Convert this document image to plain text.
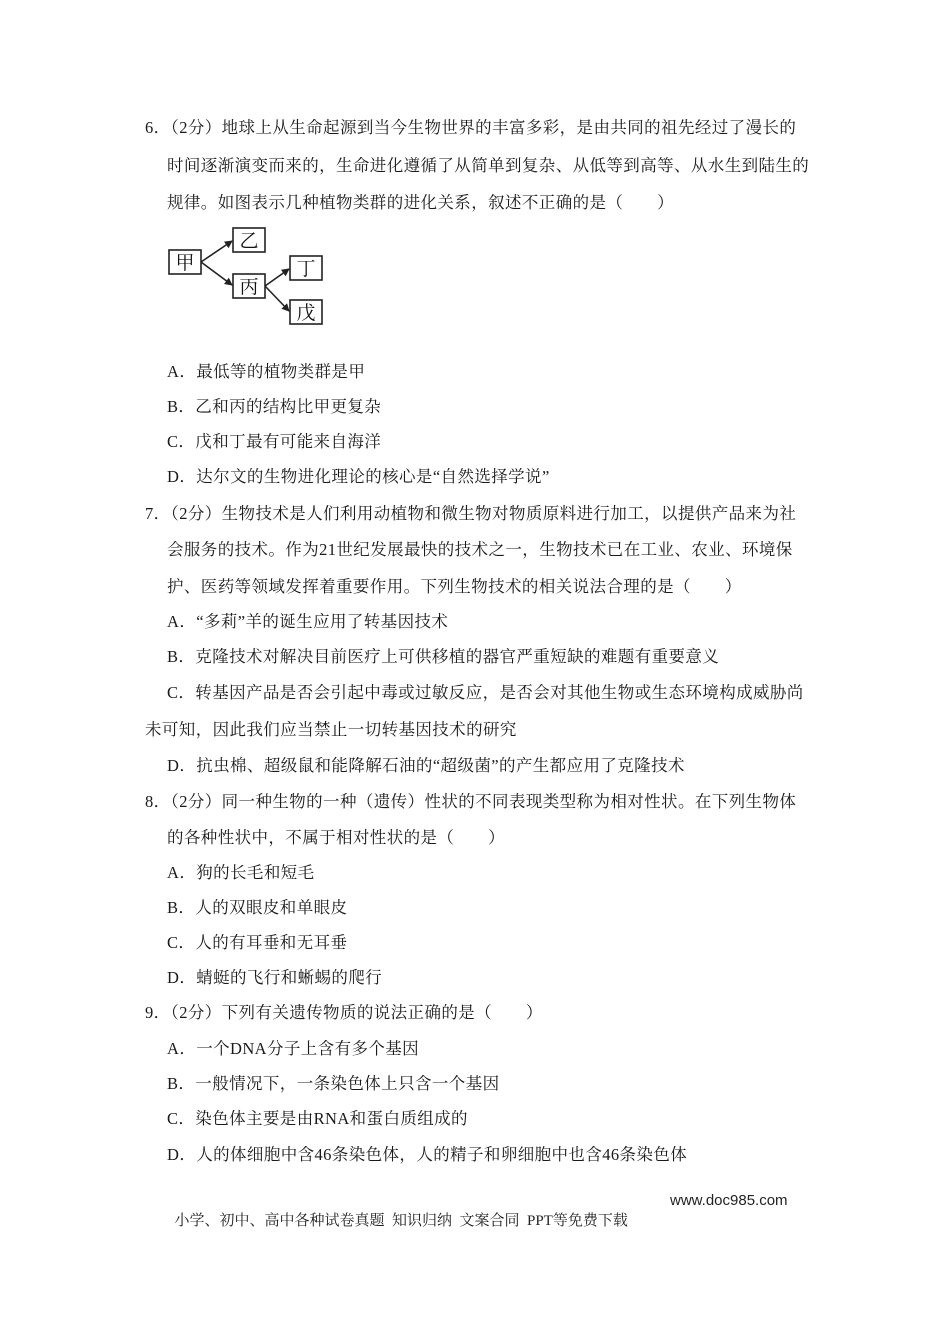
6．（2分）地球上从生命起源到当今生物世界的丰富多彩，是由共同的祖先经过了漫长的
时间逐渐演变而来的，生命进化遵循了从简单到复杂、从低等到高等、从水生到陆生的
规律。如图表示几种植物类群的进化关系，叙述不正确的是（　　）
甲
乙
丙
丁
戊
A．最低等的植物类群是甲
B．乙和丙的结构比甲更复杂
C．戊和丁最有可能来自海洋
D．达尔文的生物进化理论的核心是“自然选择学说”
7．（2分）生物技术是人们利用动植物和微生物对物质原料进行加工，以提供产品来为社
会服务的技术。作为21世纪发展最快的技术之一，生物技术已在工业、农业、环境保
护、医药等领域发挥着重要作用。下列生物技术的相关说法合理的是（　　）
A．“多莉”羊的诞生应用了转基因技术
B．克隆技术对解决目前医疗上可供移植的器官严重短缺的难题有重要意义
C．转基因产品是否会引起中毒或过敏反应，是否会对其他生物或生态环境构成威胁尚
未可知，因此我们应当禁止一切转基因技术的研究
D．抗虫棉、超级鼠和能降解石油的“超级菌”的产生都应用了克隆技术
8．（2分）同一种生物的一种（遗传）性状的不同表现类型称为相对性状。在下列生物体
的各种性状中，不属于相对性状的是（　　）
A．狗的长毛和短毛
B．人的双眼皮和单眼皮
C．人的有耳垂和无耳垂
D．蜻蜓的飞行和蜥蜴的爬行
9．（2分）下列有关遗传物质的说法正确的是（　　）
A．一个DNA分子上含有多个基因
B．一般情况下，一条染色体上只含一个基因
C．染色体主要是由RNA和蛋白质组成的
D．人的体细胞中含46条染色体，人的精子和卵细胞中也含46条染色体

小学、初中、高中各种试卷真题  知识归纳  文案合同  PPT等免费下载

www.doc985.com
